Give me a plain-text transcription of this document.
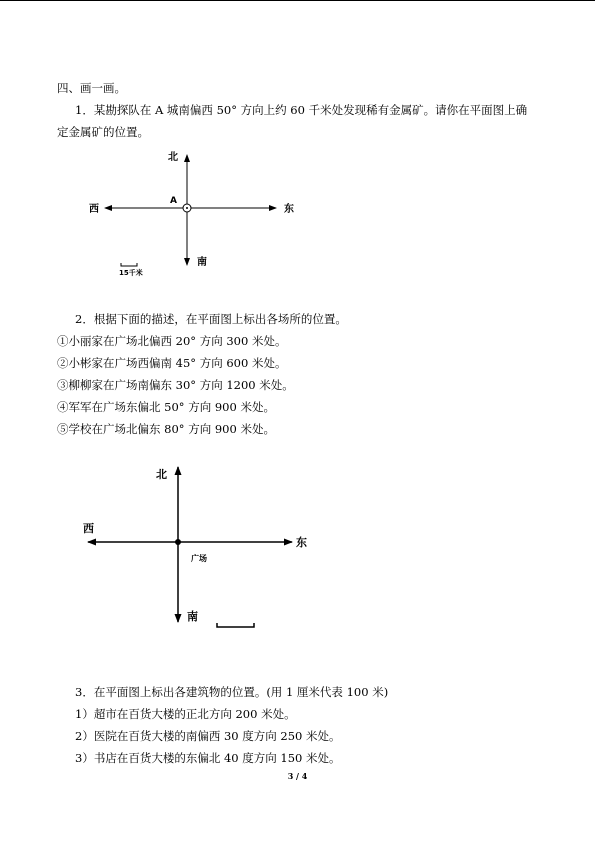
四、画一画。
1．某勘探队在 A 城南偏西 50° 方向上约 60 千米处发现稀有金属矿。请你在平面图上确
定金属矿的位置。
北
南
东
西
A
15千米
2．根据下面的描述，在平面图上标出各场所的位置。
①小丽家在广场北偏西 20° 方向 300 米处。
②小彬家在广场西偏南 45° 方向 600 米处。
③柳柳家在广场南偏东 30° 方向 1200 米处。
④军军在广场东偏北 50° 方向 900 米处。
⑤学校在广场北偏东 80° 方向 900 米处。
北
南
东
西
广场
3．在平面图上标出各建筑物的位置。(用 1 厘米代表 100 米)
1）超市在百货大楼的正北方向 200 米处。
2）医院在百货大楼的南偏西 30 度方向 250 米处。
3）书店在百货大楼的东偏北 40 度方向 150 米处。
3 / 4
